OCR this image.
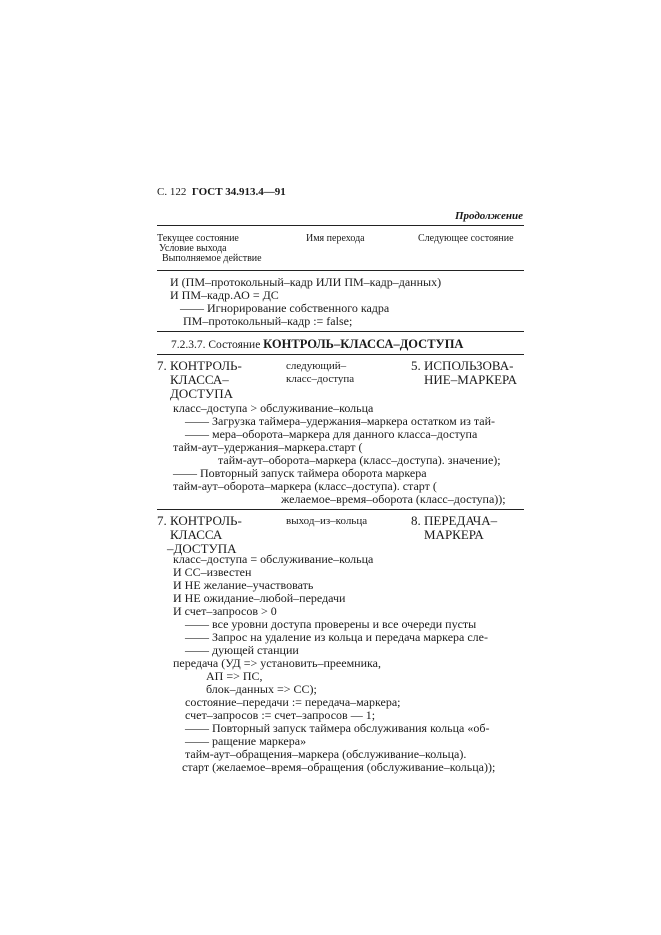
С. 122 ГОСТ 34.913.4—91
Продолжение
Текущее состояние
Условие выхода
Выполняемое действие
Имя перехода	Следующее состояние
И (ПМ–протокольный–кадр ИЛИ ПМ–кадр–данных)
И ПМ–кадр.АО = ДС
—— Игнорирование собственного кадра
ПМ–протокольный–кадр := false;
7.2.3.7. Состояние КОНТРОЛЬ–КЛАССА–ДОСТУПА
7. КОНТРОЛЬ-
КЛАССА–
ДОСТУПА
следующий–
класс–доступа
5. ИСПОЛЬЗОВА-
НИЕ–МАРКЕРА
класс–доступа > обслуживание–кольца
—— Загрузка таймера–удержания–маркера остатком из тай-
—— мера–оборота–маркера для данного класса–доступа
тайм-аут–удержания–маркера.старт (
тайм-аут–оборота–маркера (класс–доступа). значение);
—— Повторный запуск таймера оборота маркера
тайм-аут–оборота–маркера (класс–доступа). старт (
желаемое–время–оборота (класс–доступа));
7. КОНТРОЛЬ-
КЛАССА
–ДОСТУПА
выход–из–кольца	8. ПЕРЕДАЧА–
МАРКЕРА
класс–доступа = обслуживание–кольца
И СС–известен
И НЕ желание–участвовать
И НЕ ожидание–любой–передачи
И счет–запросов > 0
—— все уровни доступа проверены и все очереди пусты
—— Запрос на удаление из кольца и передача маркера сле-
—— дующей станции
передача (УД => установить–преемника,
АП => ПС,
блок–данных => СС);
состояние–передачи := передача–маркера;
счет–запросов := счет–запросов — 1;
—— Повторный запуск таймера обслуживания кольца «об-
—— ращение маркера»
тайм-аут–обращения–маркера (обслуживание–кольца).
старт (желаемое–время–обращения (обслуживание–кольца));
